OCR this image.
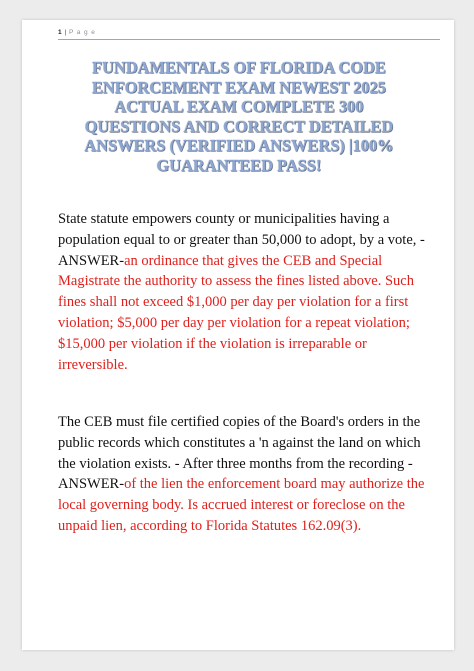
1 | P a g e
FUNDAMENTALS OF FLORIDA CODE ENFORCEMENT EXAM NEWEST 2025 ACTUAL EXAM COMPLETE 300 QUESTIONS AND CORRECT DETAILED ANSWERS (VERIFIED ANSWERS) |100% GUARANTEED PASS!

State statute empowers county or municipalities having a population equal to or greater than 50,000 to adopt, by a vote, - ANSWER-an ordinance that gives the CEB and Special Magistrate the authority to assess the fines listed above. Such fines shall not exceed $1,000 per day per violation for a first violation; $5,000 per day per violation for a repeat violation; $15,000 per violation if the violation is irreparable or irreversible.

The CEB must file certified copies of the Board's orders in the public records which constitutes a 'n against the land on which the violation exists. - After three months from the recording - ANSWER-of the lien the enforcement board may authorize the local governing body. Is accrued interest or foreclose on the unpaid lien, according to Florida Statutes 162.09(3).
